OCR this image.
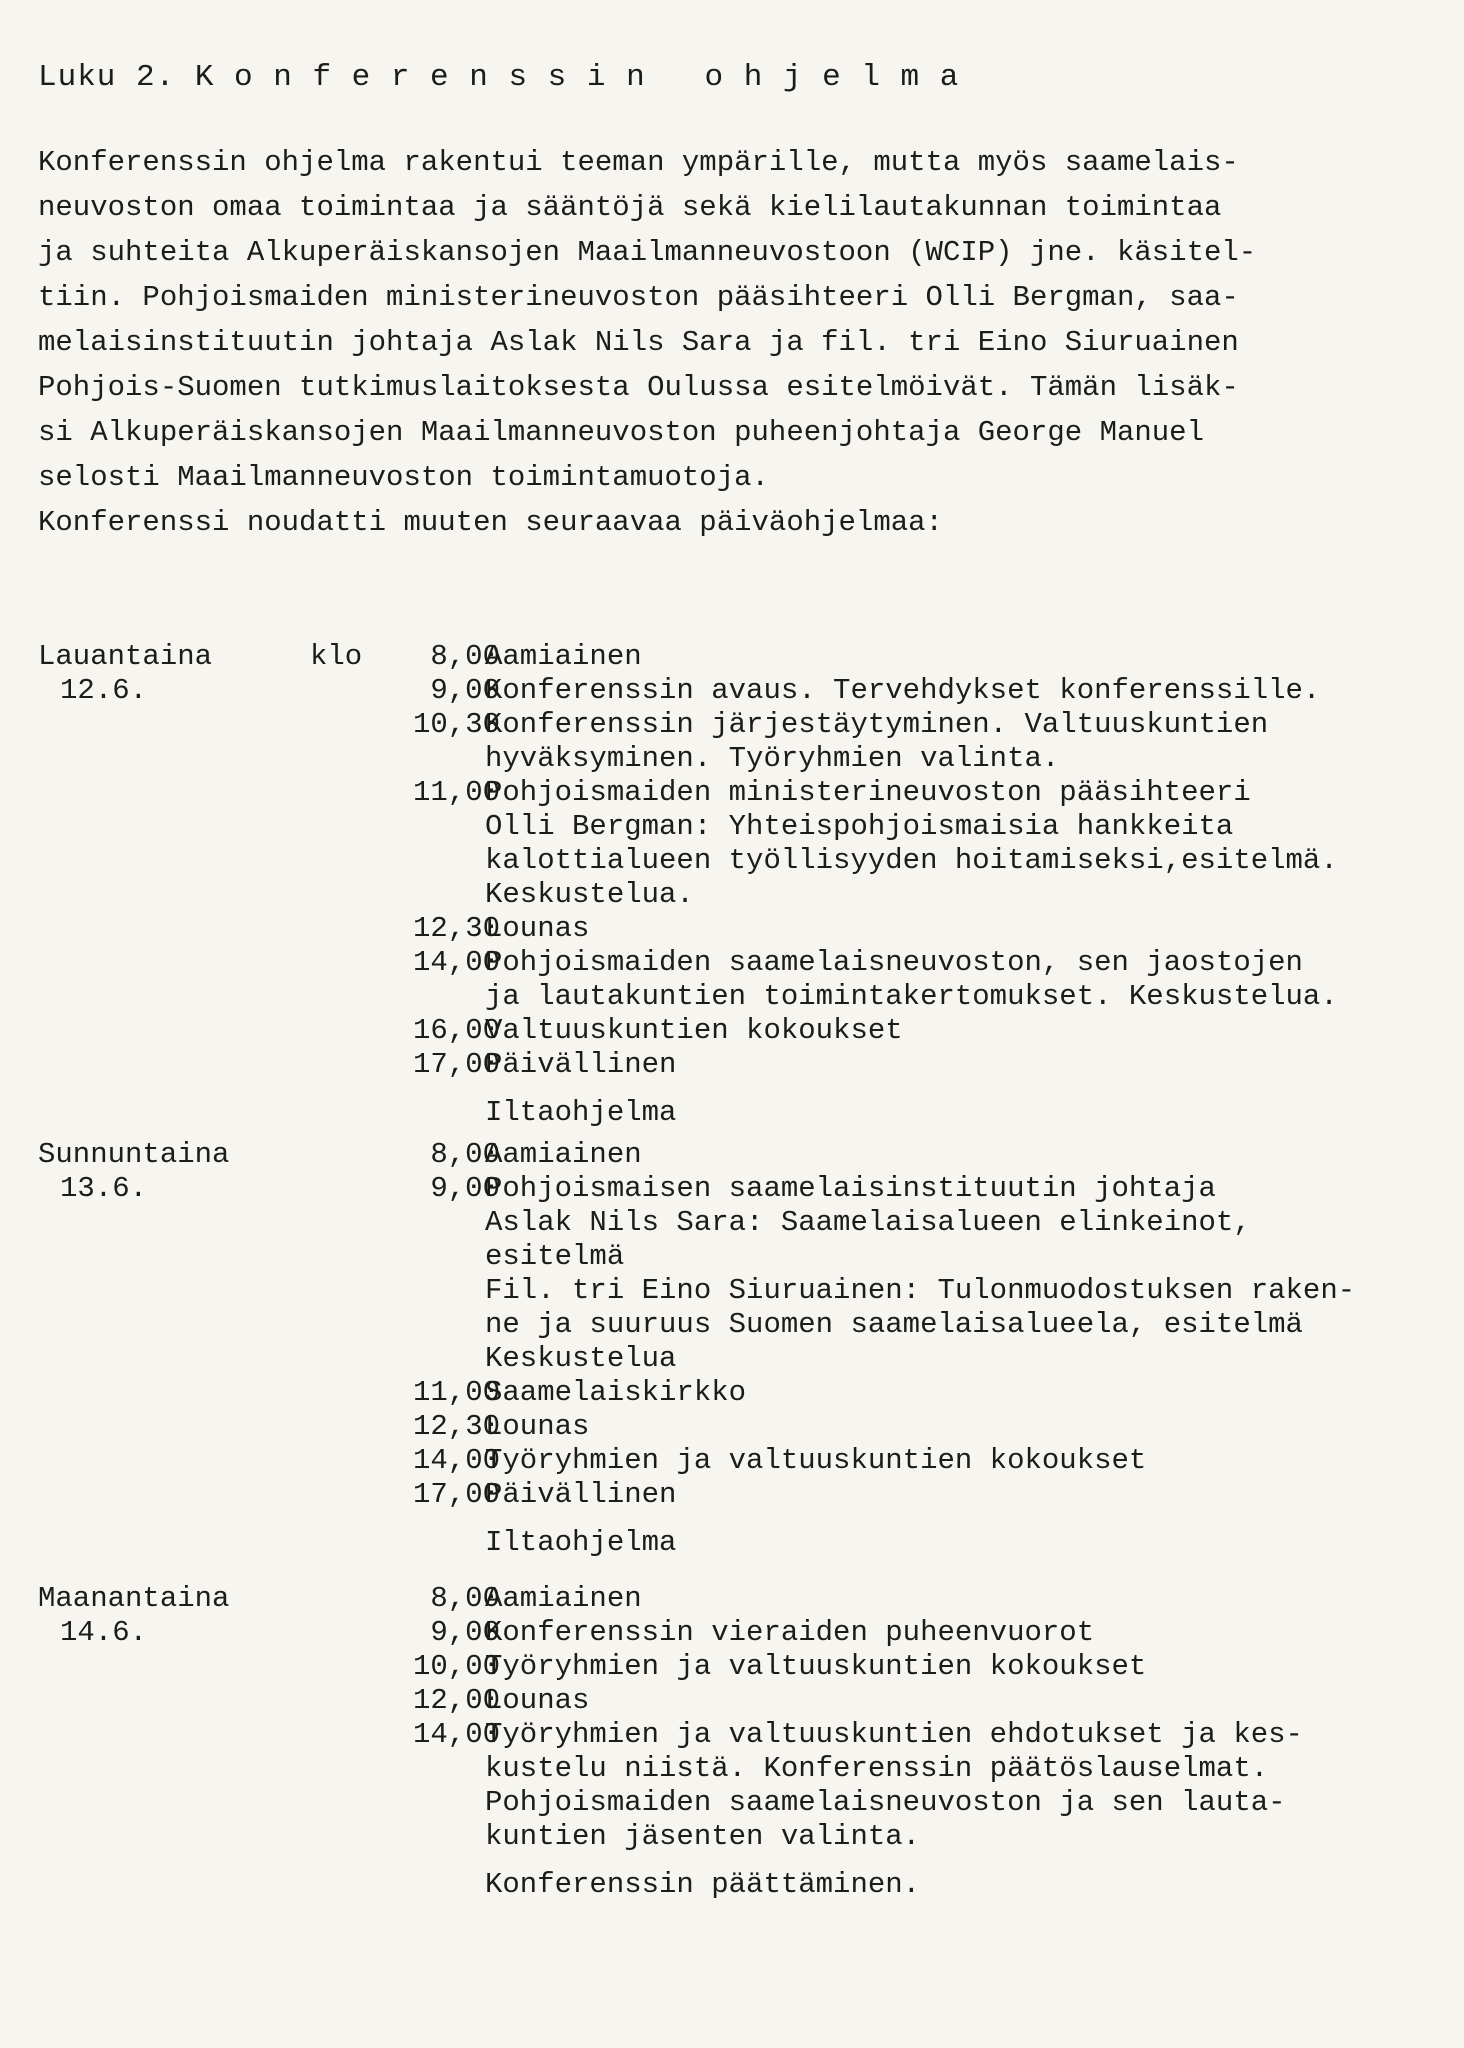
Luku 2. K o n f e r e n s s i n   o h j e l m a

Konferenssin ohjelma rakentui teeman ympärille, mutta myös saamelais-

neuvoston omaa toimintaa ja sääntöjä sekä kielilautakunnan toimintaa

ja suhteita Alkuperäiskansojen Maailmanneuvostoon (WCIP) jne. käsitel-

tiin. Pohjoismaiden ministerineuvoston pääsihteeri Olli Bergman, saa-

melaisinstituutin johtaja Aslak Nils Sara ja fil. tri Eino Siuruainen

Pohjois-Suomen tutkimuslaitoksesta Oulussa esitelmöivät. Tämän lisäk-

si Alkuperäiskansojen Maailmanneuvoston puheenjohtaja George Manuel

selosti Maailmanneuvoston toimintamuotoja.

Konferenssi noudatti muuten seuraavaa päiväohjelmaa:

Lauantaina
12.6.
klo	8,00
Aamiainen
9,00
Konferenssin avaus. Tervehdykset konferenssille.
10,30
Konferenssin järjestäytyminen. Valtuuskuntien
hyväksyminen. Työryhmien valinta.
11,00
Pohjoismaiden ministerineuvoston pääsihteeri
Olli Bergman: Yhteispohjoismaisia hankkeita
kalottialueen työllisyyden hoitamiseksi,esitelmä.
Keskustelua.
12,30
Lounas
14,00
Pohjoismaiden saamelaisneuvoston, sen jaostojen
ja lautakuntien toimintakertomukset. Keskustelua.
16,00
Valtuuskuntien kokoukset
17,00
Päivällinen
Iltaohjelma
Sunnuntaina
13.6.
8,00
Aamiainen
9,00
Pohjoismaisen saamelaisinstituutin johtaja
Aslak Nils Sara: Saamelaisalueen elinkeinot,
esitelmä
Fil. tri Eino Siuruainen: Tulonmuodostuksen raken-
ne ja suuruus Suomen saamelaisalueela, esitelmä
Keskustelua
11,00
Saamelaiskirkko
12,30
Lounas
14,00
Työryhmien ja valtuuskuntien kokoukset
17,00
Päivällinen
Iltaohjelma
Maanantaina
14.6.
8,00
Aamiainen
9,00
Konferenssin vieraiden puheenvuorot
10,00
Työryhmien ja valtuuskuntien kokoukset
12,00
Lounas
14,00
Työryhmien ja valtuuskuntien ehdotukset ja kes-
kustelu niistä. Konferenssin päätöslauselmat.
Pohjoismaiden saamelaisneuvoston ja sen lauta-
kuntien jäsenten valinta.
Konferenssin päättäminen.
